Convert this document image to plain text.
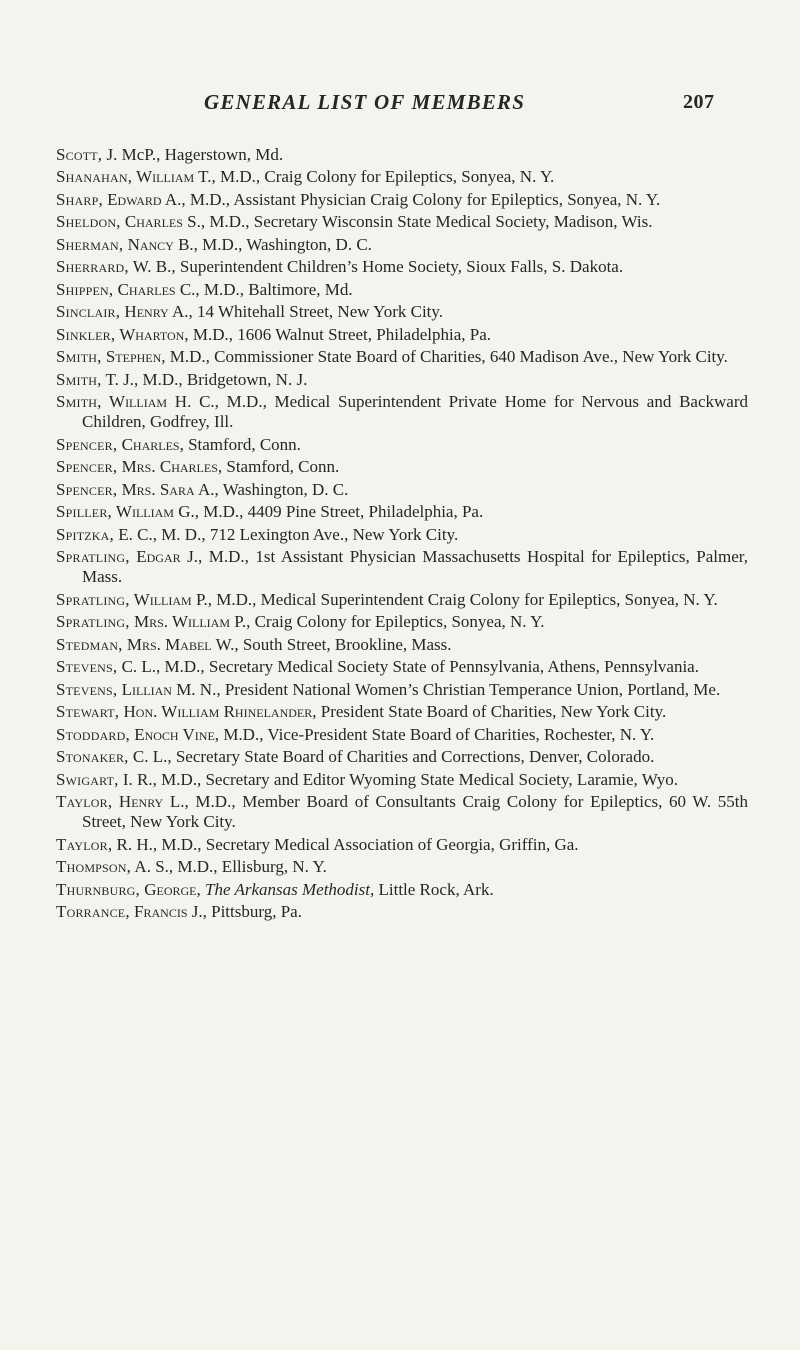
GENERAL LIST OF MEMBERS	207
Scott, J. McP., Hagerstown, Md.
Shanahan, William T., M.D., Craig Colony for Epileptics, Sonyea, N. Y.
Sharp, Edward A., M.D., Assistant Physician Craig Colony for Epileptics, Sonyea, N. Y.
Sheldon, Charles S., M.D., Secretary Wisconsin State Medical Society, Madison, Wis.
Sherman, Nancy B., M.D., Washington, D. C.
Sherrard, W. B., Superintendent Children’s Home Society, Sioux Falls, S. Dakota.
Shippen, Charles C., M.D., Baltimore, Md.
Sinclair, Henry A., 14 Whitehall Street, New York City.
Sinkler, Wharton, M.D., 1606 Walnut Street, Philadelphia, Pa.
Smith, Stephen, M.D., Commissioner State Board of Charities, 640 Madison Ave., New York City.
Smith, T. J., M.D., Bridgetown, N. J.
Smith, William H. C., M.D., Medical Superintendent Private Home for Nervous and Backward Children, Godfrey, Ill.
Spencer, Charles, Stamford, Conn.
Spencer, Mrs. Charles, Stamford, Conn.
Spencer, Mrs. Sara A., Washington, D. C.
Spiller, William G., M.D., 4409 Pine Street, Philadelphia, Pa.
Spitzka, E. C., M. D., 712 Lexington Ave., New York City.
Spratling, Edgar J., M.D., 1st Assistant Physician Massachusetts Hospital for Epileptics, Palmer, Mass.
Spratling, William P., M.D., Medical Superintendent Craig Colony for Epileptics, Sonyea, N. Y.
Spratling, Mrs. William P., Craig Colony for Epileptics, Sonyea, N. Y.
Stedman, Mrs. Mabel W., South Street, Brookline, Mass.
Stevens, C. L., M.D., Secretary Medical Society State of Pennsylvania, Athens, Pennsylvania.
Stevens, Lillian M. N., President National Women’s Christian Temperance Union, Portland, Me.
Stewart, Hon. William Rhinelander, President State Board of Charities, New York City.
Stoddard, Enoch Vine, M.D., Vice-President State Board of Charities, Rochester, N. Y.
Stonaker, C. L., Secretary State Board of Charities and Corrections, Denver, Colorado.
Swigart, I. R., M.D., Secretary and Editor Wyoming State Medical Society, Laramie, Wyo.
Taylor, Henry L., M.D., Member Board of Consultants Craig Colony for Epileptics, 60 W. 55th Street, New York City.
Taylor, R. H., M.D., Secretary Medical Association of Georgia, Griffin, Ga.
Thompson, A. S., M.D., Ellisburg, N. Y.
Thurnburg, George, The Arkansas Methodist, Little Rock, Ark.
Torrance, Francis J., Pittsburg, Pa.
